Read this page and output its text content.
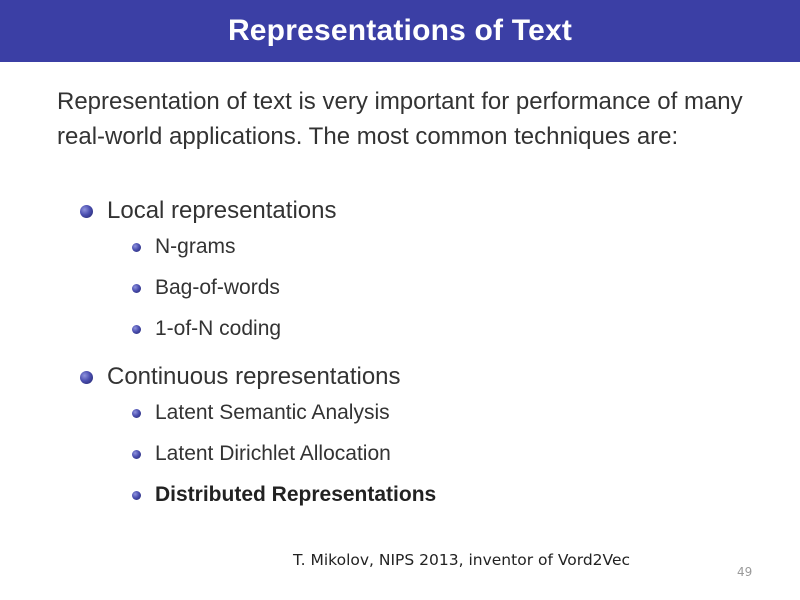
Representations of Text
Representation of text is very important for performance of many real-world applications. The most common techniques are:
Local representations
N-grams
Bag-of-words
1-of-N coding
Continuous representations
Latent Semantic Analysis
Latent Dirichlet Allocation
Distributed Representations
T. Mikolov, NIPS 2013, inventor of Vord2Vec
49
